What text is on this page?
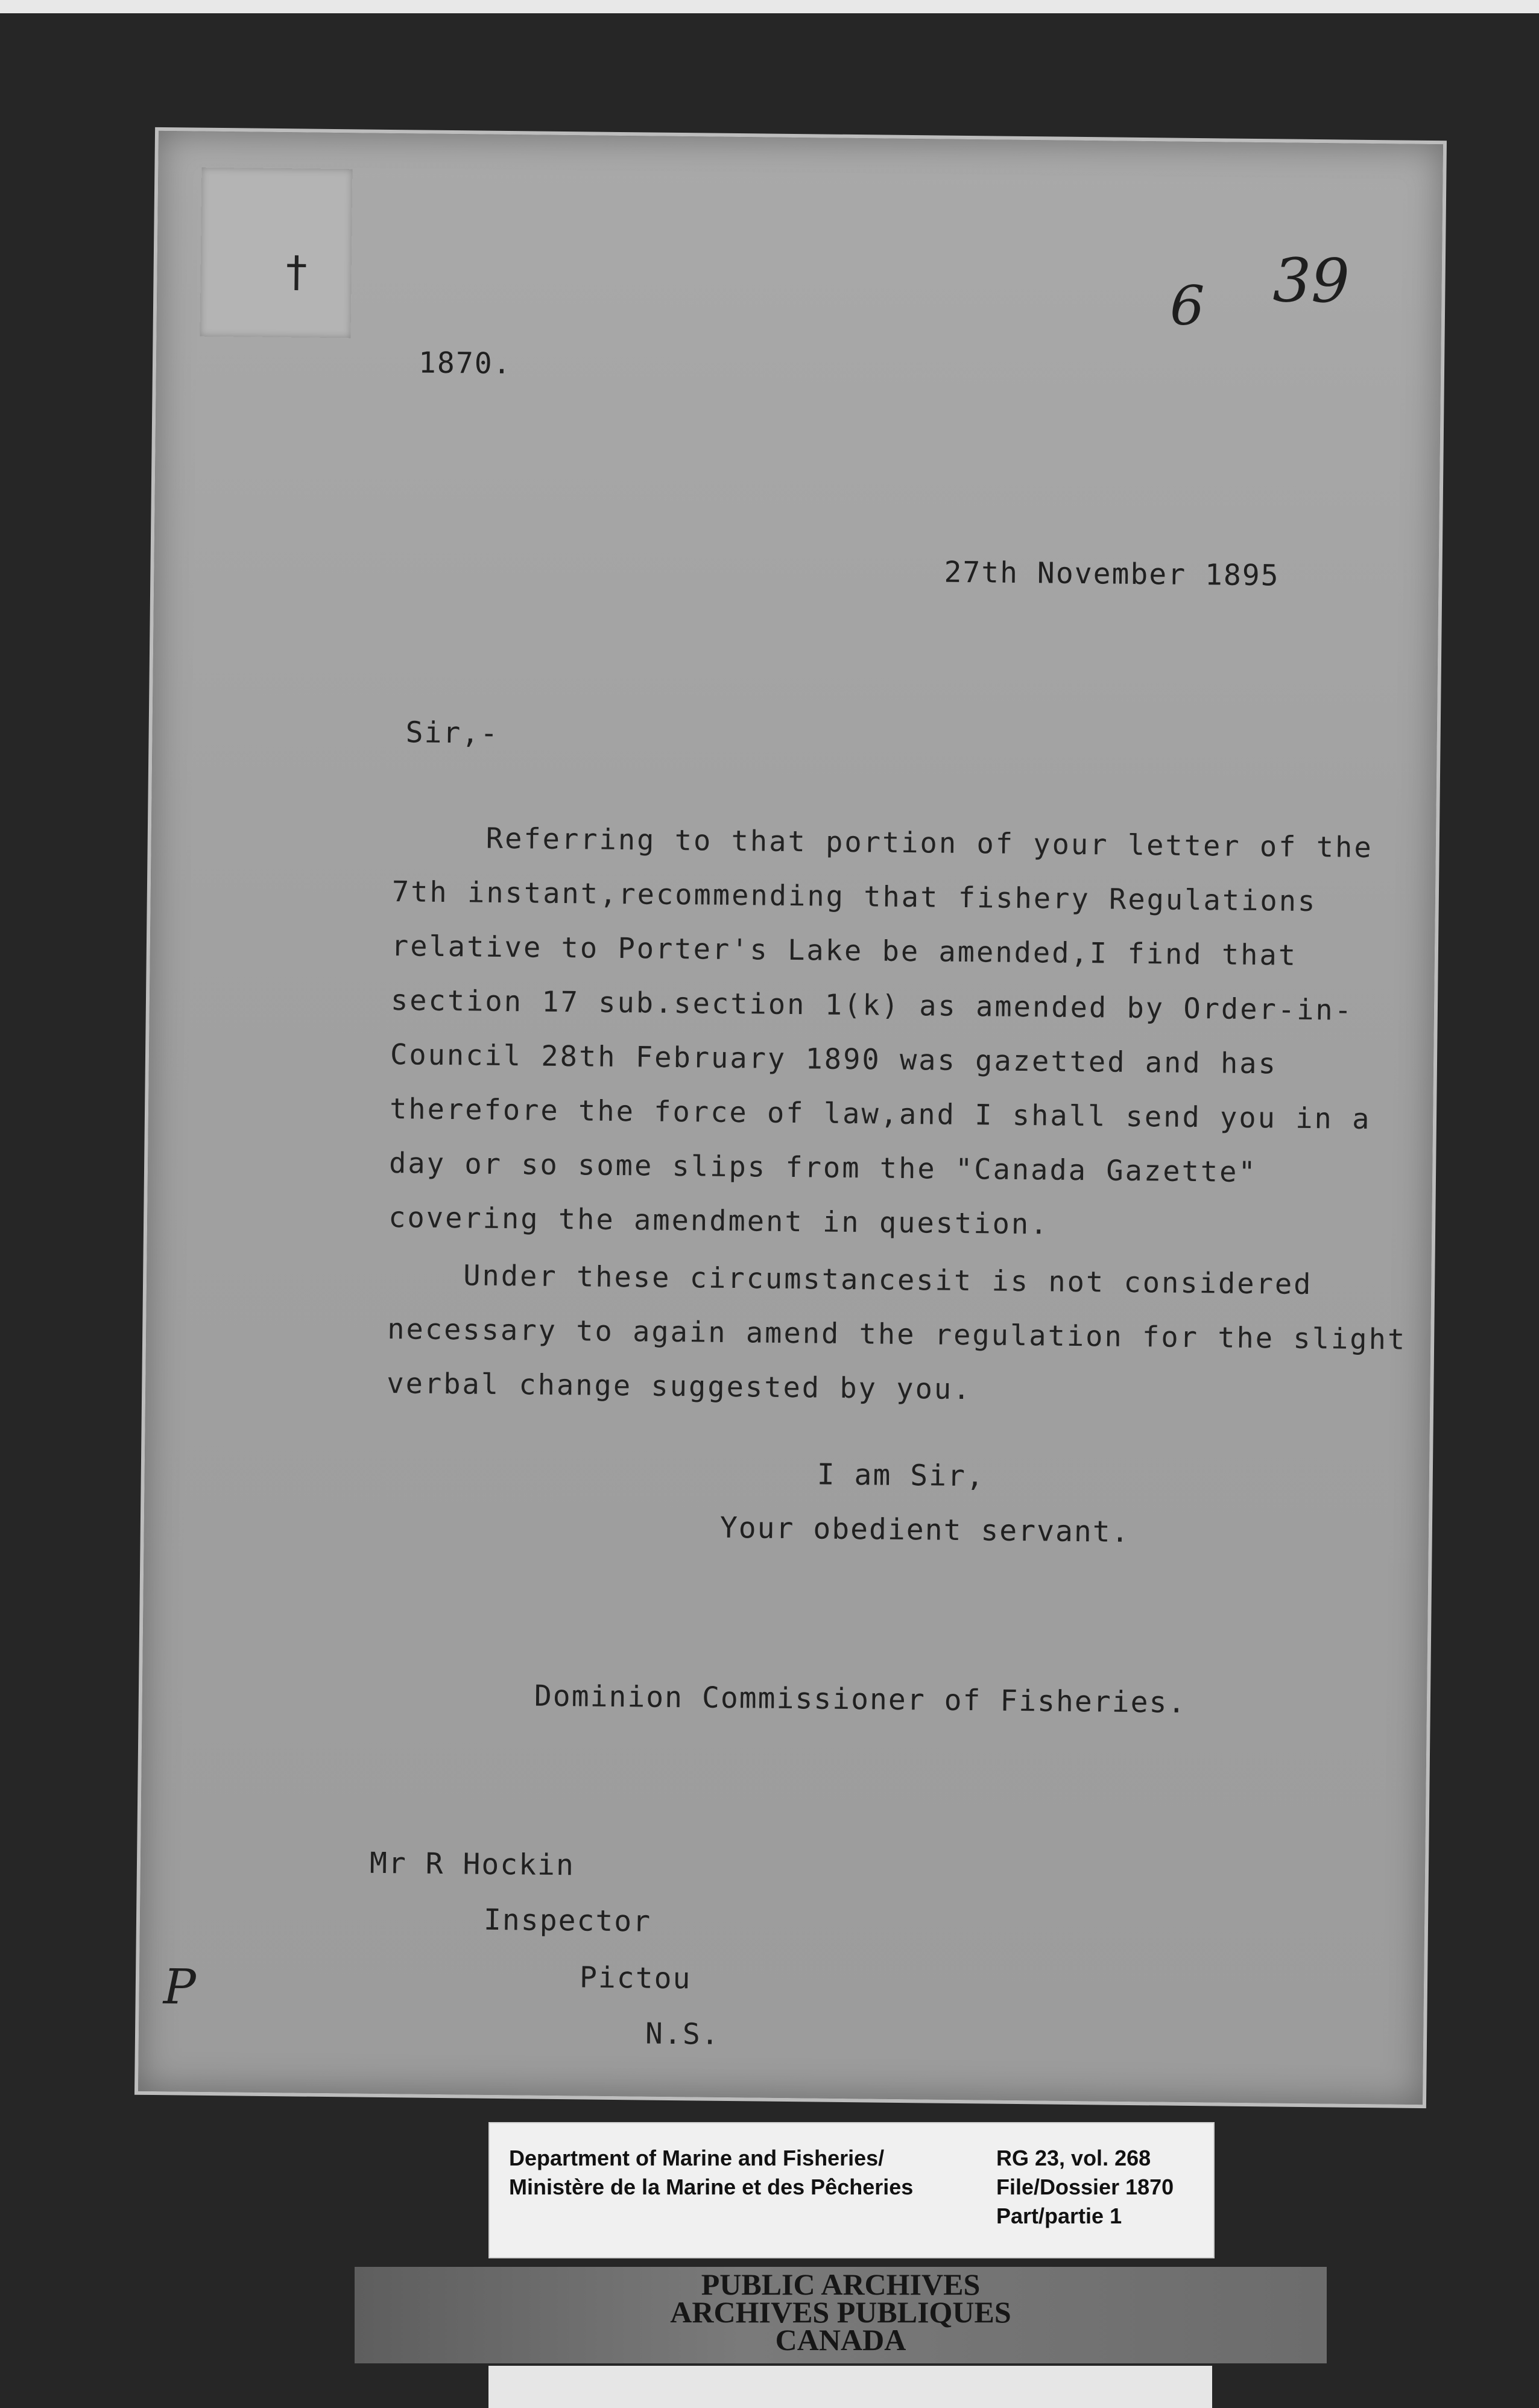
†
6 39
1870.
27th November 1895
Sir,-
Referring to that portion of your letter of the
7th instant,recommending that fishery Regulations
relative to Porter's Lake be amended,I find that
section 17 sub.section 1(k) as amended by Order-in-
Council 28th February 1890 was gazetted and has
therefore the force of law,and I shall send you in a
day or so some slips from the "Canada Gazette"
covering the amendment in question.
Under these circumstancesit is not considered
necessary to again amend the regulation for the slight
verbal change suggested by you.
I am Sir,
Your obedient servant.
Dominion Commissioner of Fisheries.
Mr R Hockin
Inspector
Pictou
N.S.
P
Department of Marine and Fisheries/
Ministère de la Marine et des Pêcheries
RG 23, vol. 268
File/Dossier 1870
Part/partie 1
PUBLIC ARCHIVES
ARCHIVES PUBLIQUES
CANADA
